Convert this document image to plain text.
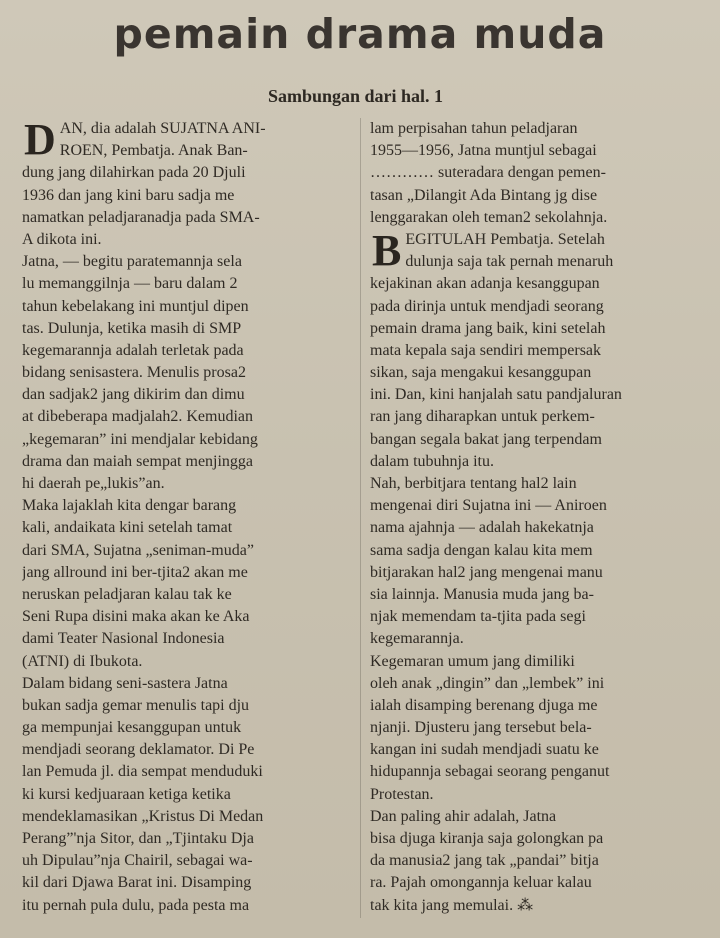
pemain drama muda
Sambungan dari hal. 1
D AN, dia adalah SUJATNA ANI-
ROEN, Pembatja. Anak Ban-
dung jang dilahirkan pada 20 Djuli
1936 dan jang kini baru sadja me
namatkan peladjaranadja pada SMA-
A dikota ini.
Jatna, — begitu paratemannja sela
lu memanggilnja — baru dalam 2
tahun kebelakang ini muntjul dipen
tas. Dulunja, ketika masih di SMP
kegemarannja adalah terletak pada
bidang senisastera. Menulis prosa2
dan sadjak2 jang dikirim dan dimu
at dibeberapa madjalah2. Kemudian
„kegemaran” ini mendjalar kebidang
drama dan maiah sempat menjingga
hi daerah pe„lukis”an.
Maka lajaklah kita dengar barang
kali, andaikata kini setelah tamat
dari SMA, Sujatna „seniman-muda”
jang allround ini ber-tjita2 akan me
neruskan peladjaran kalau tak ke
Seni Rupa disini maka akan ke Aka
dami Teater Nasional Indonesia
(ATNI) di Ibukota.
Dalam bidang seni-sastera Jatna
bukan sadja gemar menulis tapi dju
ga mempunjai kesanggupan untuk
mendjadi seorang deklamator. Di Pe
lan Pemuda jl. dia sempat menduduki
ki kursi kedjuaraan ketiga ketika
mendeklamasikan „Kristus Di Medan
Perang”'nja Sitor, dan „Tjintaku Dja
uh Dipulau”nja Chairil, sebagai wa-
kil dari Djawa Barat ini. Disamping
itu pernah pula dulu, pada pesta ma
lam perpisahan tahun peladjaran
1955—1956, Jatna muntjul sebagai
………… suteradara dengan pemen-
tasan „Dilangit Ada Bintang jg dise
lenggarakan oleh teman2 sekolahnja.
B EGITULAH Pembatja. Setelah
dulunja saja tak pernah menaruh
kejakinan akan adanja kesanggupan
pada dirinja untuk mendjadi seorang
pemain drama jang baik, kini setelah
mata kepala saja sendiri mempersak
sikan, saja mengakui kesanggupan
ini. Dan, kini hanjalah satu pandjaluran
ran jang diharapkan untuk perkem-
bangan segala bakat jang terpendam
dalam tubuhnja itu.
Nah, berbitjara tentang hal2 lain
mengenai diri Sujatna ini — Aniroen
nama ajahnja — adalah hakekatnja
sama sadja dengan kalau kita mem
bitjarakan hal2 jang mengenai manu
sia lainnja. Manusia muda jang ba-
njak memendam ta-tjita pada segi
kegemarannja.
Kegemaran umum jang dimiliki
oleh anak „dingin” dan „lembek” ini
ialah disamping berenang djuga me
njanji. Djusteru jang tersebut bela-
kangan ini sudah mendjadi suatu ke
hidupannja sebagai seorang penganut
Protestan.
Dan paling ahir adalah, Jatna
bisa djuga kiranja saja golongkan pa
da manusia2 jang tak „pandai” bitja
ra. Pajah omongannja keluar kalau
tak kita jang memulai. ⁂
